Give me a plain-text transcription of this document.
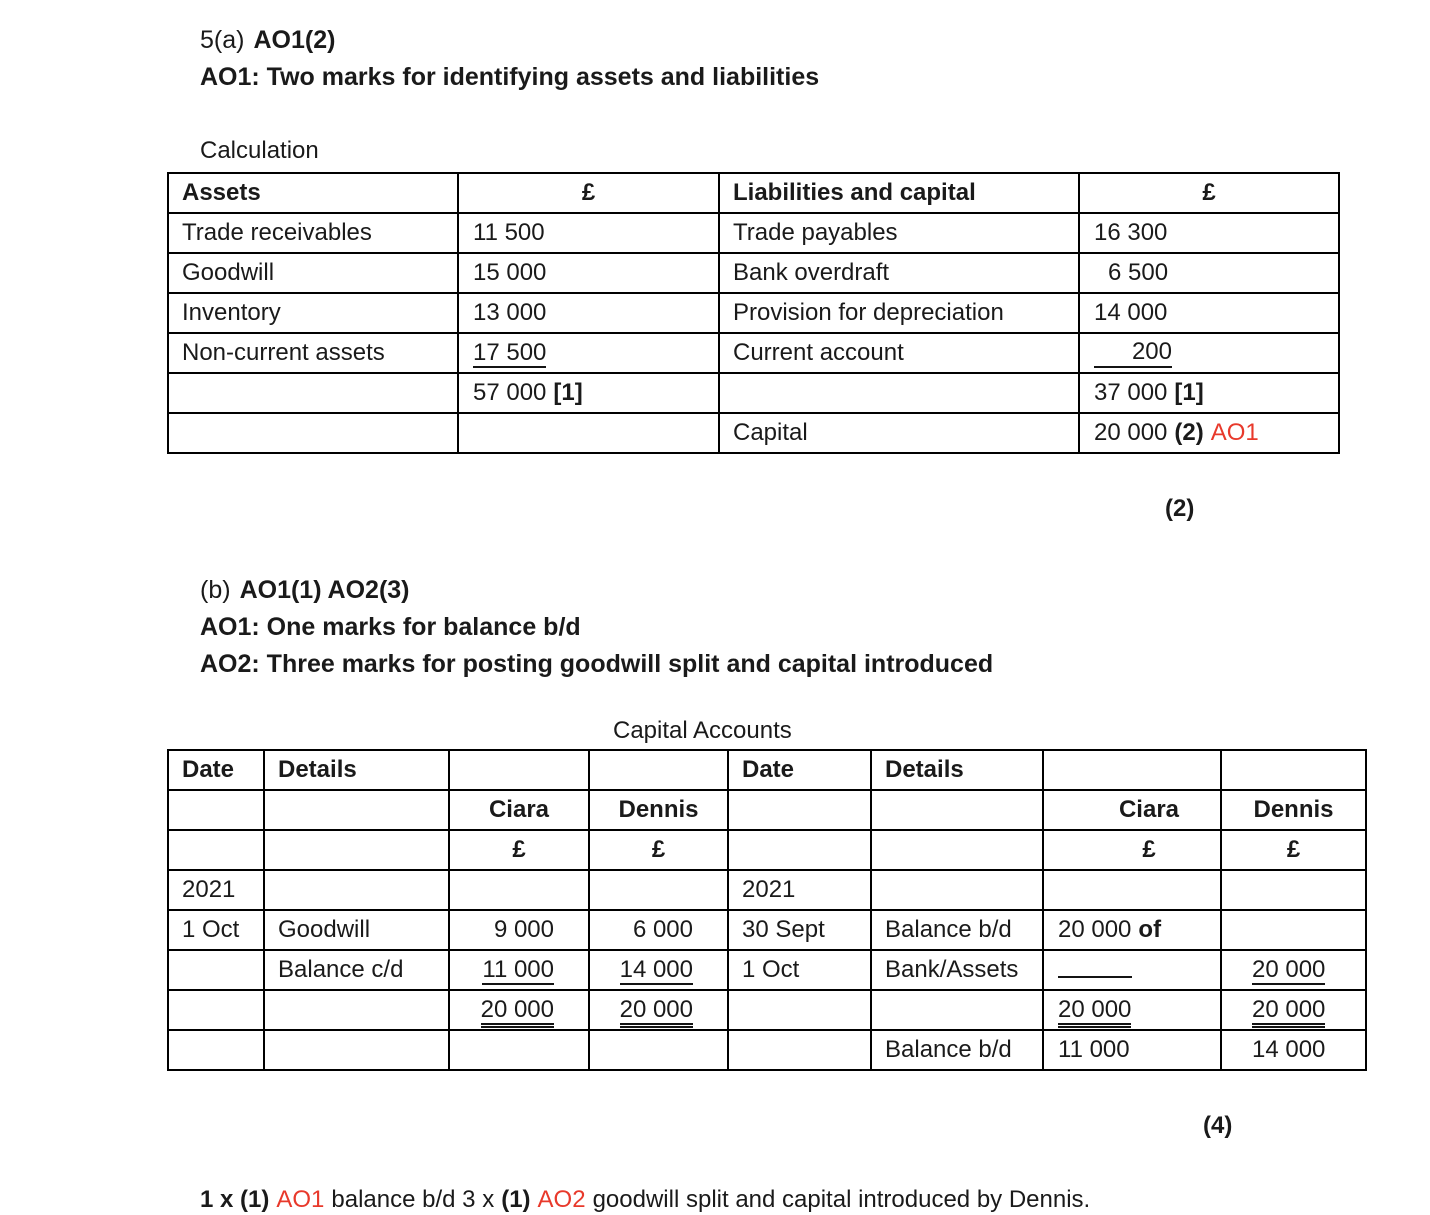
5(a) AO1(2)
AO1: Two marks for identifying assets and liabilities
Calculation
Assets	£	Liabilities and capital	£
Trade receivables	11 500	Trade payables	16 300
Goodwill	15 000	Bank overdraft	6 500
Inventory	13 000	Provision for depreciation	14 000
Non-current assets	17 500	Current account	200
	57 000 [1]		37 000 [1]
		Capital	20 000 (2) AO1
(2)
(b) AO1(1) AO2(3)
AO1: One marks for balance b/d
AO2: Three marks for posting goodwill split and capital introduced
Capital Accounts
Date	Details			Date	Details		
		Ciara	Dennis			Ciara	Dennis
		£	£			£	£
2021				2021			
1 Oct	Goodwill	9 000	6 000	30 Sept	Balance b/d	20 000 of	
	Balance c/d	11 000	14 000	1 Oct	Bank/Assets		20 000
		20 000	20 000			20 000	20 000
					Balance b/d	11 000	14 000
(4)
1 x (1) AO1 balance b/d 3 x (1) AO2 goodwill split and capital introduced by Dennis.
